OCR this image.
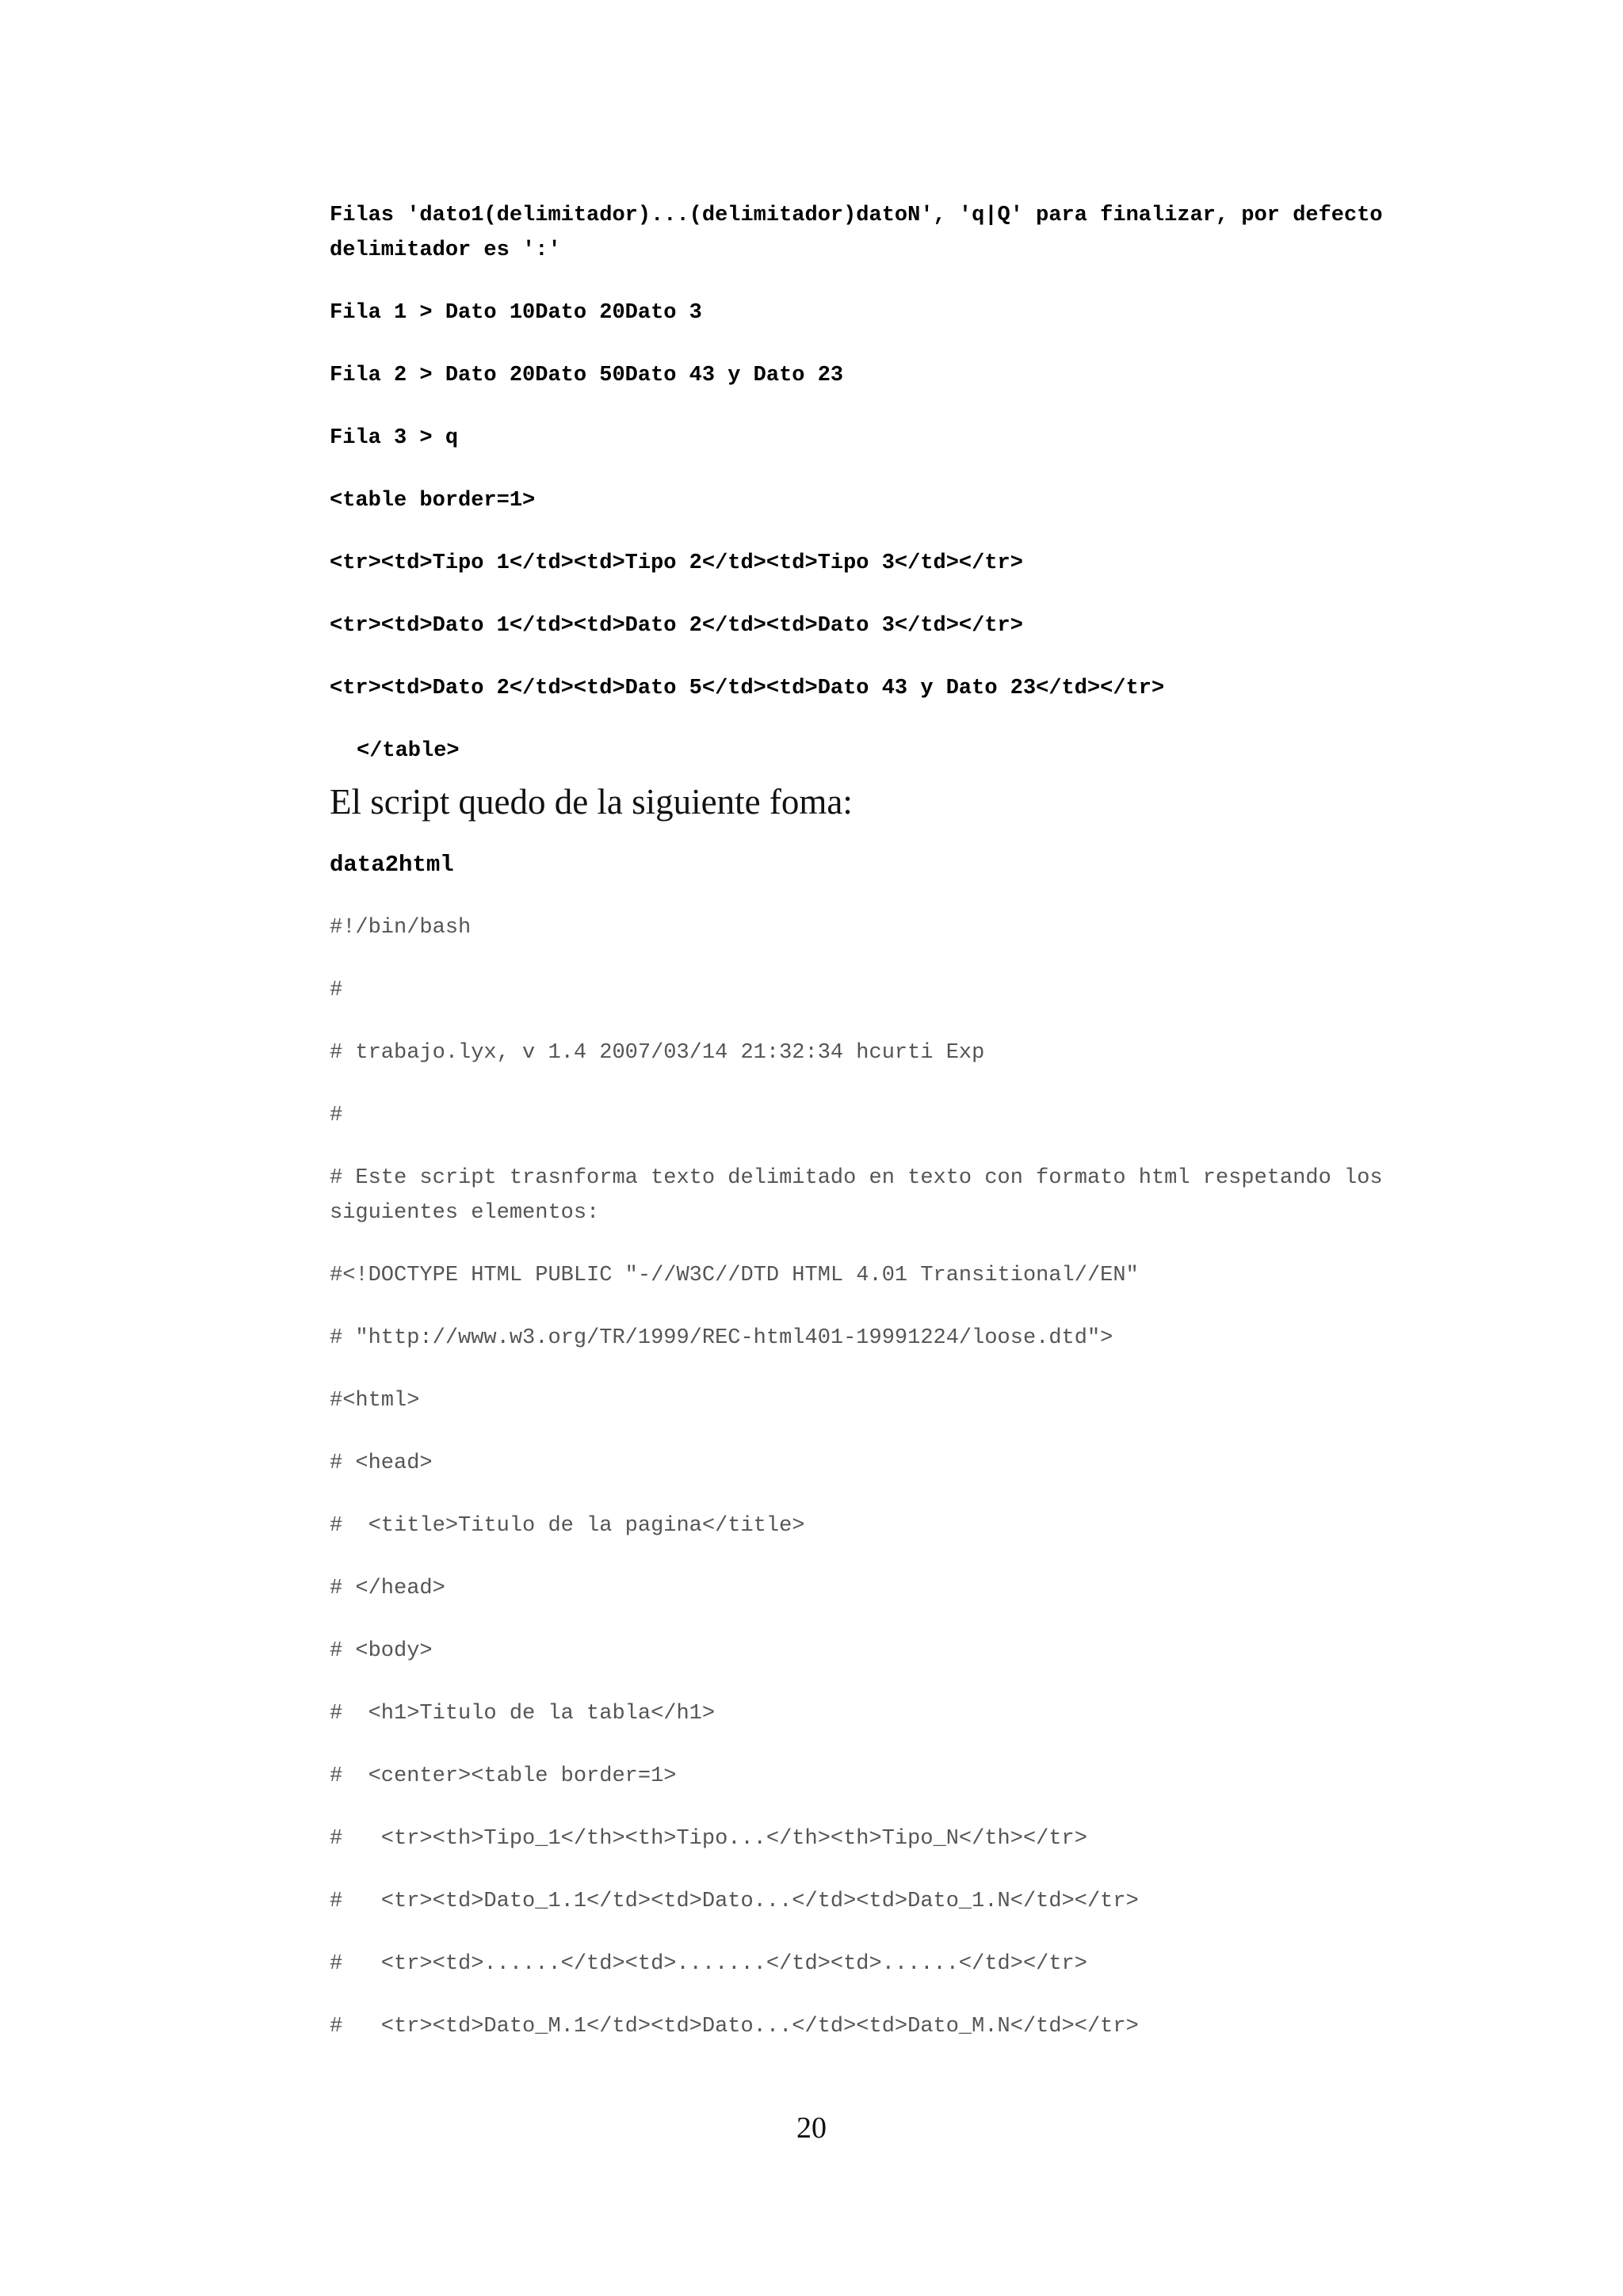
Filas 'dato1(delimitador)...(delimitador)datoN', 'q|Q' para finalizar, por defecto delimitador es ':'

Fila 1 > Dato 10Dato 20Dato 3

Fila 2 > Dato 20Dato 50Dato 43 y Dato 23

Fila 3 > q

<table border=1>

<tr><td>Tipo 1</td><td>Tipo 2</td><td>Tipo 3</td></tr>

<tr><td>Dato 1</td><td>Dato 2</td><td>Dato 3</td></tr>

<tr><td>Dato 2</td><td>Dato 5</td><td>Dato 43 y Dato 23</td></tr>

</table>

El script quedo de la siguiente foma:

data2html

#!/bin/bash

#

# trabajo.lyx, v 1.4 2007/03/14 21:32:34 hcurti Exp

#

# Este script trasnforma texto delimitado en texto con formato html respetando los siguientes elementos:

#<!DOCTYPE HTML PUBLIC "-//W3C//DTD HTML 4.01 Transitional//EN"

# "http://www.w3.org/TR/1999/REC-html401-19991224/loose.dtd">

#<html>

# <head>

#  <title>Titulo de la pagina</title>

# </head>

# <body>

#  <h1>Titulo de la tabla</h1>

#  <center><table border=1>

#   <tr><th>Tipo_1</th><th>Tipo...</th><th>Tipo_N</th></tr>

#   <tr><td>Dato_1.1</td><td>Dato...</td><td>Dato_1.N</td></tr>

#   <tr><td>......</td><td>.......</td><td>......</td></tr>

#   <tr><td>Dato_M.1</td><td>Dato...</td><td>Dato_M.N</td></tr>

20
